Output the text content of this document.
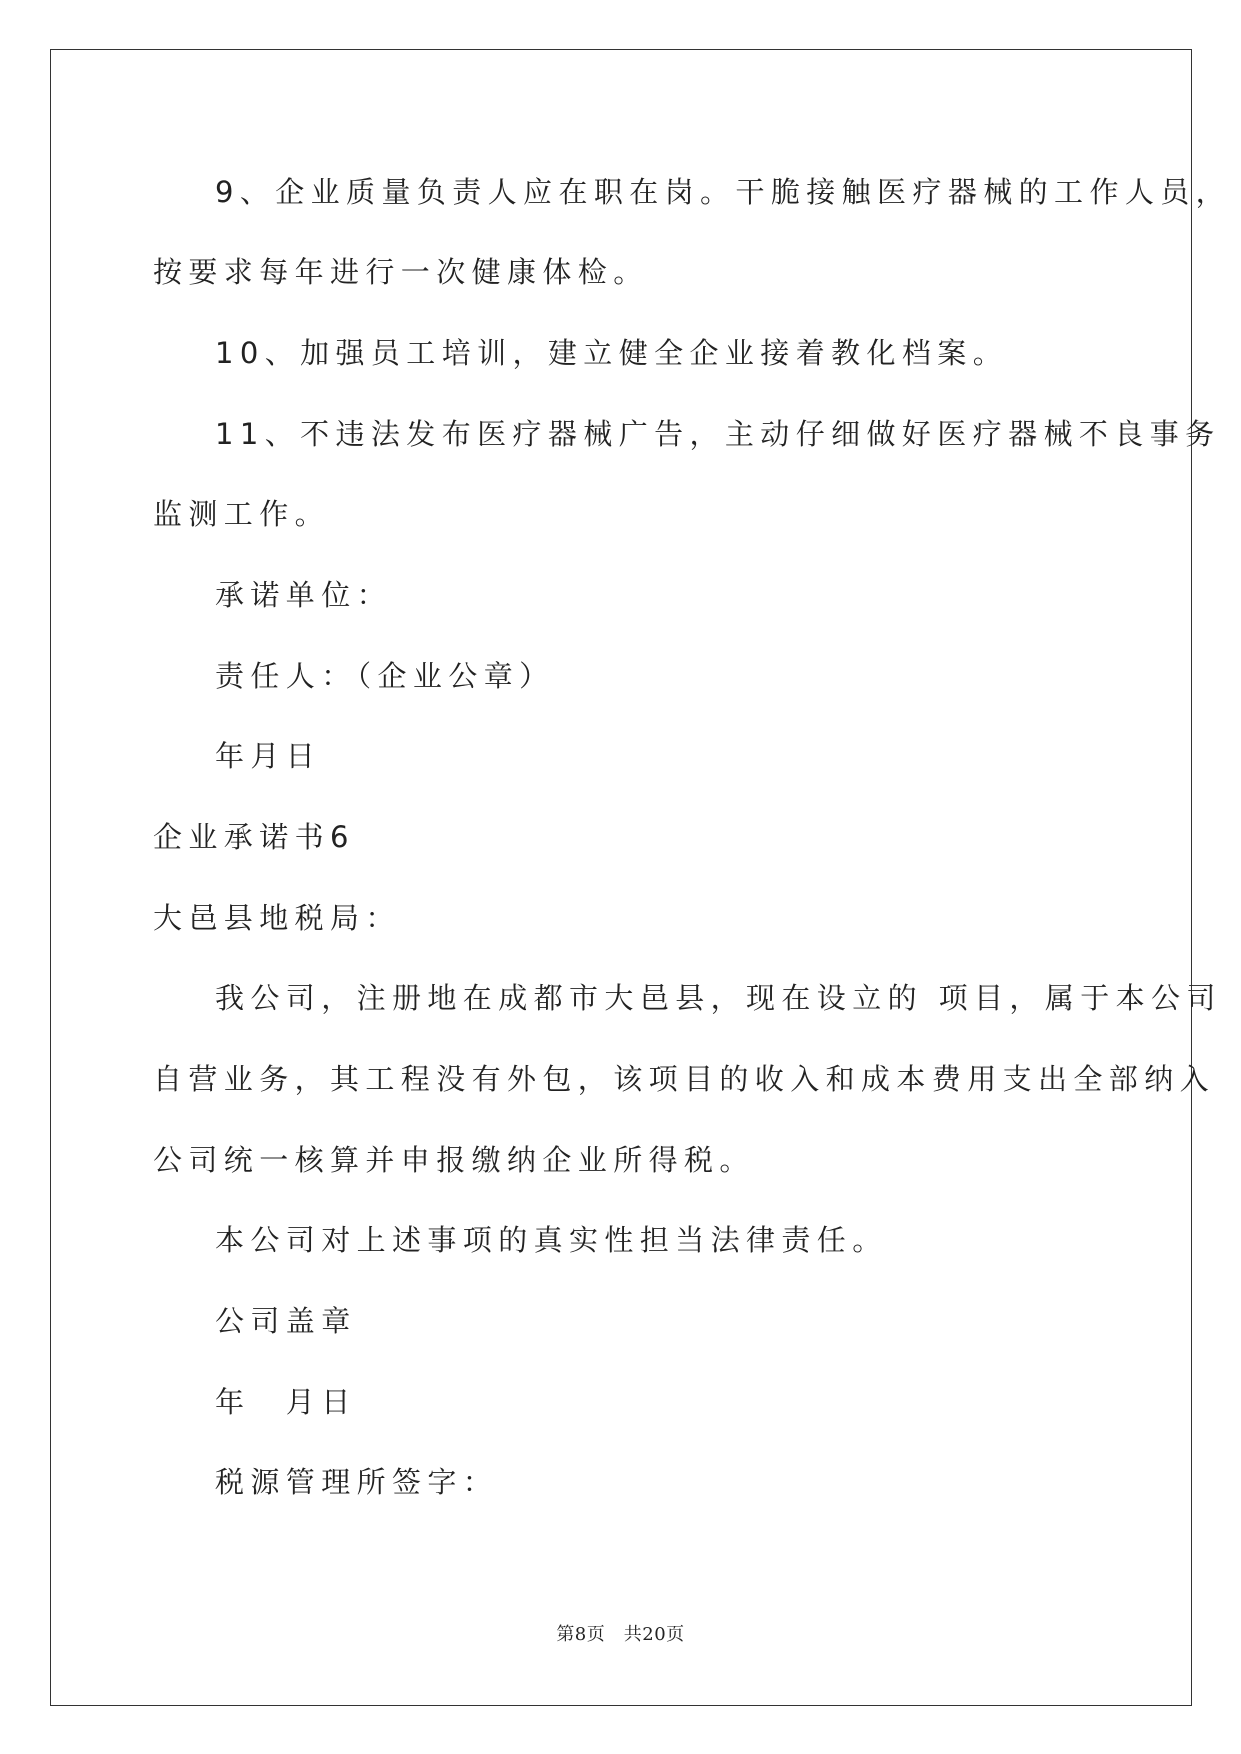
9、企业质量负责人应在职在岗。干脆接触医疗器械的工作人员，
按要求每年进行一次健康体检。
10、加强员工培训，建立健全企业接着教化档案。
11、不违法发布医疗器械广告，主动仔细做好医疗器械不良事务
监测工作。
承诺单位：
责任人：（企业公章）
年月日
企业承诺书6
大邑县地税局：
我公司，注册地在成都市大邑县，现在设立的 项目，属于本公司
自营业务，其工程没有外包，该项目的收入和成本费用支出全部纳入
公司统一核算并申报缴纳企业所得税。
本公司对上述事项的真实性担当法律责任。
公司盖章
年　月日
税源管理所签字：
第8页　共20页
